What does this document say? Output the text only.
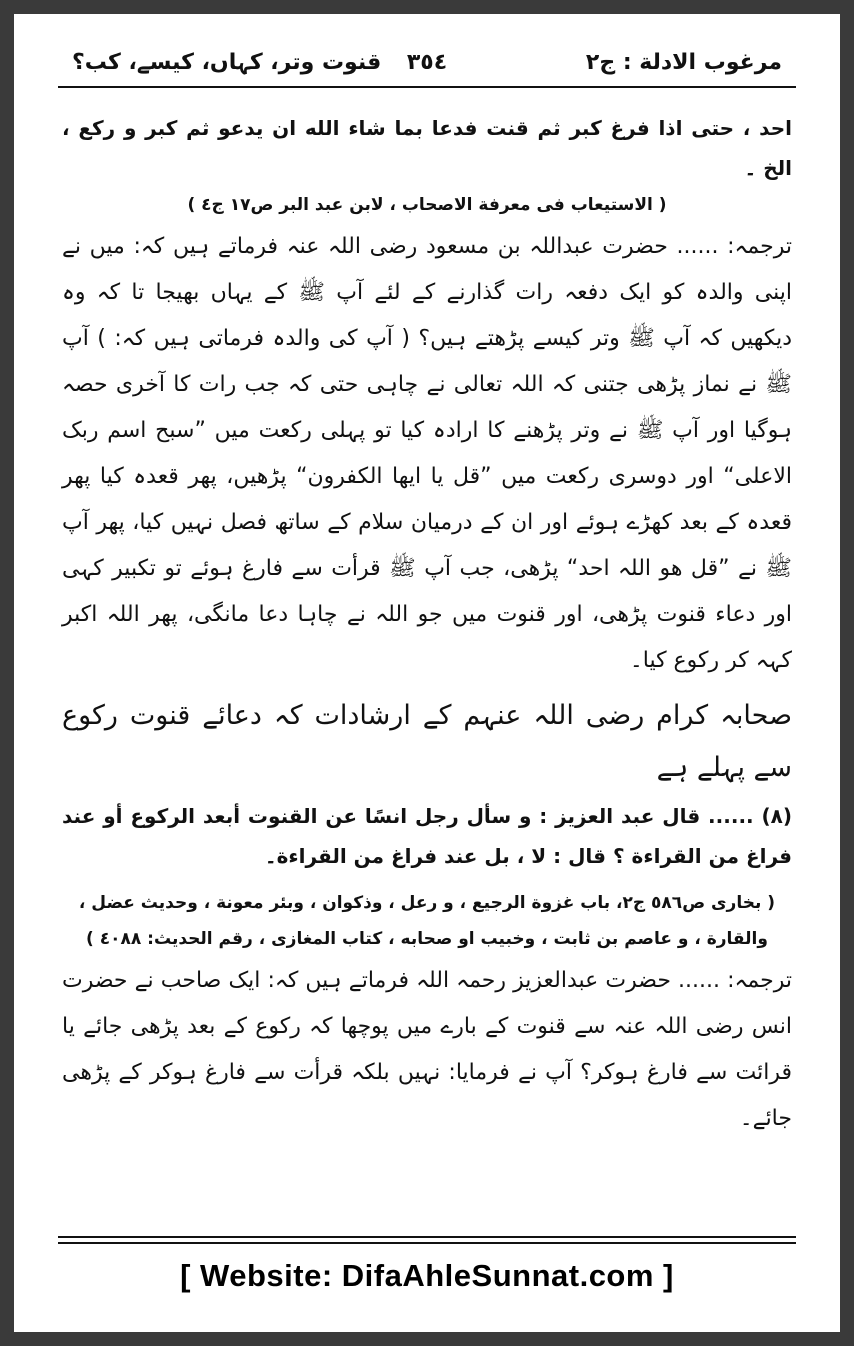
مرغوب الادلة : ج٢
٣٥٤
قنوت وتر، کہاں، کیسے، کب؟

احد ، حتی اذا فرغ کبر ثم قنت فدعا بما شاء الله ان یدعو ثم کبر و رکع ، الخ ۔

( الاستیعاب فی معرفة الاصحاب ، لابن عبد البر ص١٧ ج٤ )

ترجمہ: ...... حضرت عبداللہ بن مسعود رضی اللہ عنہ فرماتے ہیں کہ: میں نے اپنی والدہ کو ایک دفعہ رات گذارنے کے لئے آپ ﷺ کے یہاں بھیجا تا کہ وہ دیکھیں کہ آپ ﷺ وتر کیسے پڑھتے ہیں؟ ( آپ کی والدہ فرماتی ہیں کہ: ) آپ ﷺ نے نماز پڑھی جتنی کہ اللہ تعالی نے چاہی حتی کہ جب رات کا آخری حصہ ہوگیا اور آپ ﷺ نے وتر پڑھنے کا ارادہ کیا تو پہلی رکعت میں ”سبح اسم ربک الاعلی“ اور دوسری رکعت میں ”قل یا ایھا الکفرون“ پڑھیں، پھر قعدہ کیا پھر قعدہ کے بعد کھڑے ہوئے اور ان کے درمیان سلام کے ساتھ فصل نہیں کیا، پھر آپ ﷺ نے ”قل ھو اللہ احد“ پڑھی، جب آپ ﷺ قرأت سے فارغ ہوئے تو تکبیر کہی اور دعاء قنوت پڑھی، اور قنوت میں جو اللہ نے چاہا دعا مانگی، پھر اللہ اکبر کہہ کر رکوع کیا۔

صحابہ کرام رضی اللہ عنہم کے ارشادات کہ دعائے قنوت رکوع سے پہلے ہے

(٨) ...... قال عبد العزیز : و سأل رجل انسًا عن القنوت أبعد الرکوع أو عند فراغ من القراءة ؟ قال : لا ، بل عند فراغ من القراءة۔

( بخاری ص٥٨٦ ج٢، باب غزوة الرجیع ، و رعل ، وذکوان ، وبئر معونة ، وحدیث عضل ،

والقارة ، و عاصم بن ثابت ، وخبیب او صحابه ، کتاب المغازی ، رقم الحدیث: ٤٠٨٨ )

ترجمہ: ...... حضرت عبدالعزیز رحمہ اللہ فرماتے ہیں کہ: ایک صاحب نے حضرت انس رضی اللہ عنہ سے قنوت کے بارے میں پوچھا کہ رکوع کے بعد پڑھی جائے یا قرائت سے فارغ ہوکر؟ آپ نے فرمایا: نہیں بلکہ قرأت سے فارغ ہوکر کے پڑھی جائے۔

[ Website: DifaAhleSunnat.com ]
